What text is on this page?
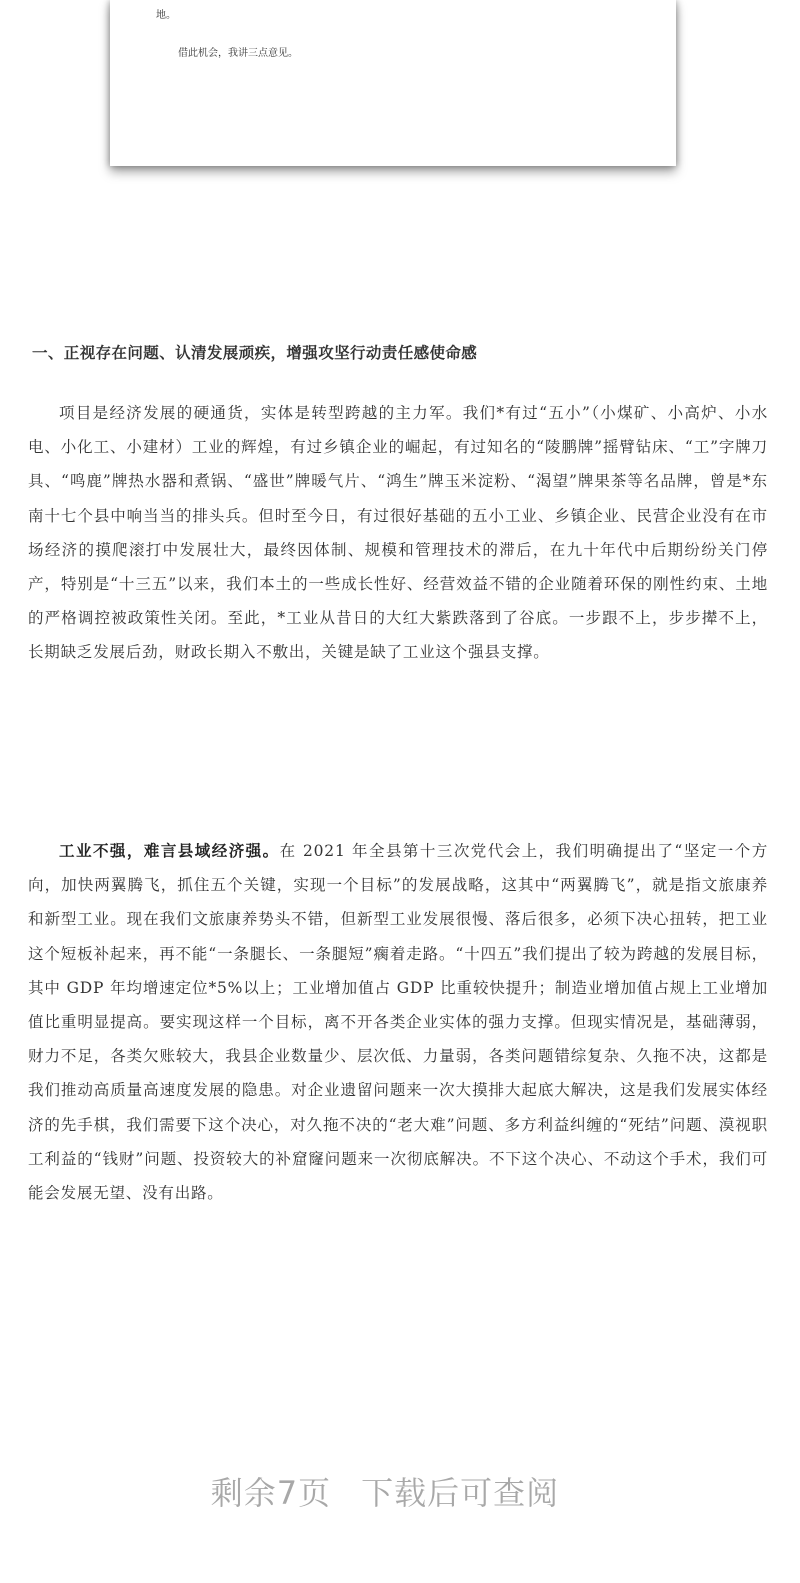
地。
借此机会，我讲三点意见。
一、正视存在问题、认清发展顽疾，增强攻坚行动责任感使命感

项目是经济发展的硬通货，实体是转型跨越的主力军。我们*有过“五小”（小煤矿、小高炉、小水电、小化工、小建材）工业的辉煌，有过乡镇企业的崛起，有过知名的“陵鹏牌”摇臂钻床、“工”字牌刀具、“鸣鹿”牌热水器和煮锅、“盛世”牌暖气片、“鸿生”牌玉米淀粉、“渴望”牌果茶等名品牌，曾是*东南十七个县中响当当的排头兵。但时至今日，有过很好基础的五小工业、乡镇企业、民营企业没有在市场经济的摸爬滚打中发展壮大，最终因体制、规模和管理技术的滞后，在九十年代中后期纷纷关门停产，特别是“十三五”以来，我们本土的一些成长性好、经营效益不错的企业随着环保的刚性约束、土地的严格调控被政策性关闭。至此，*工业从昔日的大红大紫跌落到了谷底。一步跟不上，步步撵不上，长期缺乏发展后劲，财政长期入不敷出，关键是缺了工业这个强县支撑。

工业不强，难言县域经济强。在 2021 年全县第十三次党代会上，我们明确提出了“坚定一个方向，加快两翼腾飞，抓住五个关键，实现一个目标”的发展战略，这其中“两翼腾飞”，就是指文旅康养和新型工业。现在我们文旅康养势头不错，但新型工业发展很慢、落后很多，必须下决心扭转，把工业这个短板补起来，再不能“一条腿长、一条腿短”瘸着走路。“十四五”我们提出了较为跨越的发展目标，其中 GDP 年均增速定位*5%以上；工业增加值占 GDP 比重较快提升；制造业增加值占规上工业增加值比重明显提高。要实现这样一个目标，离不开各类企业实体的强力支撑。但现实情况是，基础薄弱，财力不足，各类欠账较大，我县企业数量少、层次低、力量弱，各类问题错综复杂、久拖不决，这都是我们推动高质量高速度发展的隐患。对企业遗留问题来一次大摸排大起底大解决，这是我们发展实体经济的先手棋，我们需要下这个决心，对久拖不决的“老大难”问题、多方利益纠缠的“死结”问题、漠视职工利益的“钱财”问题、投资较大的补窟窿问题来一次彻底解决。不下这个决心、不动这个手术，我们可能会发展无望、没有出路。

剩余7页 下载后可查阅
